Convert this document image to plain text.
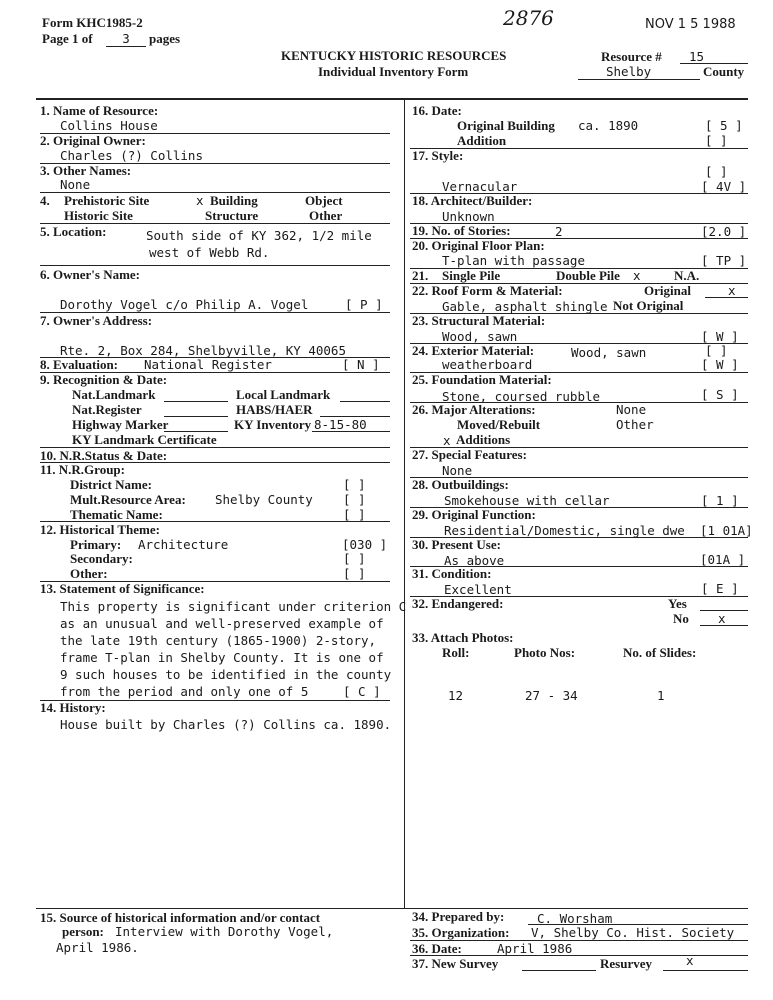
Form KHC1985-2
Page 1 of	3	pages
2876	NOV 1 5 1988
KENTUCKY HISTORIC RESOURCES
Individual Inventory Form
Resource # 15
Shelby	County
1. Name of Resource:
Collins House
2. Original Owner:
Charles (?) Collins
3. Other Names:
None
4. Prehistoric Site	x Building	Object
Historic Site	Structure	Other
5. Location:	South side of KY 362, 1/2 mile
west of Webb Rd.
6. Owner's Name:
Dorothy Vogel c/o Philip A. Vogel	[ P ]
7. Owner's Address:
Rte. 2, Box 284, Shelbyville, KY 40065
8. Evaluation: National Register	[ N ]
9. Recognition & Date:
Nat.Landmark	Local Landmark
Nat.Register	HABS/HAER
Highway Marker	KY Inventory 8-15-80
KY Landmark Certificate
10. N.R.Status & Date:
11. N.R.Group:
District Name:	[ ]
Mult.Resource Area: Shelby County [ ]
Thematic Name:	[ ]
12. Historical Theme:
Primary: Architecture	[030 ]
Secondary:	[ ]
Other:	[ ]
13. Statement of Significance:
This property is significant under criterion C
as an unusual and well-preserved example of
the late 19th century (1865-1900) 2-story,
frame T-plan in Shelby County. It is one of
9 such houses to be identified in the county
from the period and only one of 5	[ C ]
14. History:
House built by Charles (?) Collins ca. 1890.
15. Source of historical information and/or contact
person: Interview with Dorothy Vogel,
April 1986.
16. Date:
Original Building ca. 1890	[ 5 ]
Addition	[ ]
17. Style:
[ ]
Vernacular	[ 4V ]
18. Architect/Builder:
Unknown
19. No. of Stories:	2	[2.0 ]
20. Original Floor Plan:
T-plan with passage	[ TP ]
21. Single Pile	Double Pile x	N.A.
22. Roof Form & Material:	Original	x
Gable, asphalt shingle Not Original
23. Structural Material:
Wood, sawn	[ W ]
24. Exterior Material:	Wood, sawn	[ ]
weatherboard	[ W ]
25. Foundation Material:
Stone, coursed rubble	[ S ]
26. Major Alterations:	None
Moved/Rebuilt	Other
x Additions
27. Special Features:
None
28. Outbuildings:
Smokehouse with cellar	[ 1 ]
29. Original Function:
Residential/Domestic, single dwe [1 01A]
30. Present Use:
As above	[01A ]
31. Condition:
Excellent	[ E ]
32. Endangered:	Yes
No x
33. Attach Photos:
Roll:	Photo Nos:	No. of Slides:
12	27 - 34	1
34. Prepared by:	C. Worsham
35. Organization: V, Shelby Co. Hist. Society
36. Date:	April 1986
37. New Survey	Resurvey	x
